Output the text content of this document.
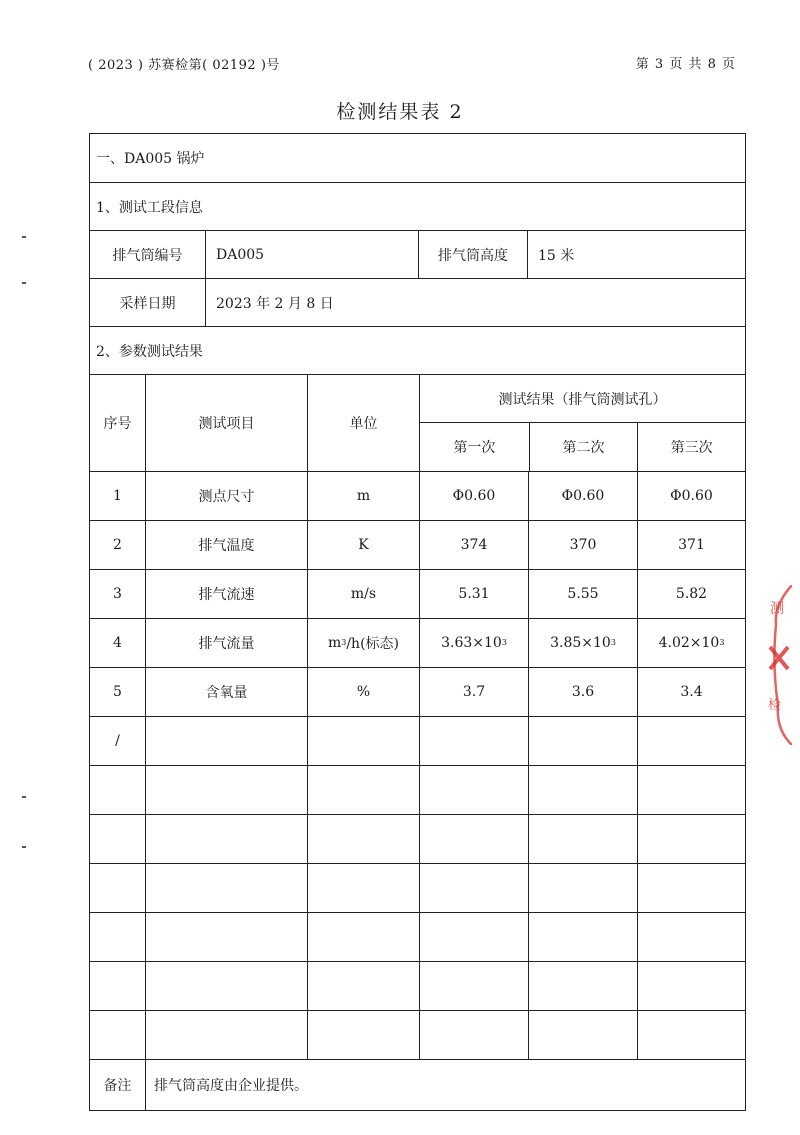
( 2023 ) 苏赛检第( 02192 )号	第 3 页 共 8 页
检测结果表 2
一、DA005 锅炉
1、测试工段信息
排气筒编号	DA005	排气筒高度	15 米
采样日期	2023 年 2 月 8 日
2、参数测试结果
序号	测试项目	单位
测试结果（排气筒测试孔）
第一次	第二次	第三次
1	测点尺寸	m	Φ0.60	Φ0.60	Φ0.60
2	排气温度	K	374	370	371
3	排气流速	m/s	5.31	5.55	5.82
4	排气流量	m 3 /h(标态)	3.63×10 3	3.85×10 3	4.02×10 3
5	含氧量	%	3.7	3.6	3.4
/
备注	排气筒高度由企业提供。
测
检
